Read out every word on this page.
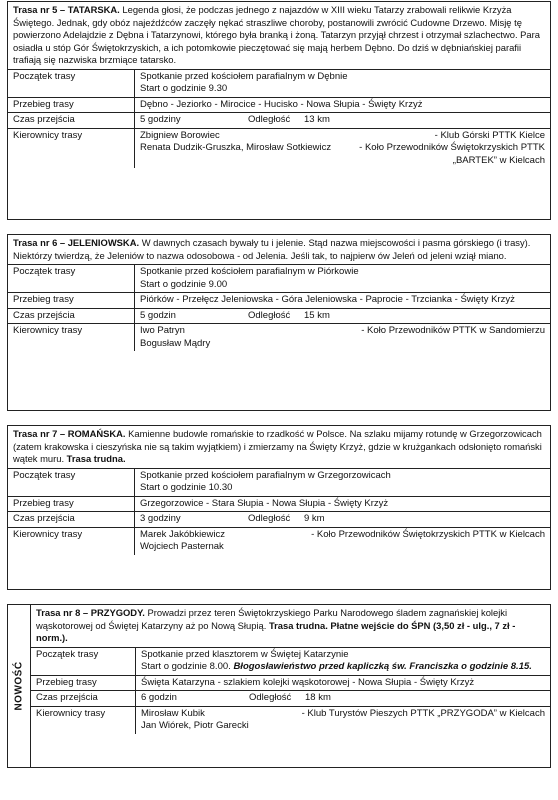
Trasa nr 5 – TATARSKA. Legenda głosi, że podczas jednego z najazdów w XIII wieku Tatarzy zrabowali relikwie Krzyża Świętego. Jednak, gdy obóz najeźdźców zaczęły nękać straszliwe choroby, postanowili zwrócić Cudowne Drzewo. Misję tę powierzono Adelajdzie z Dębna i Tatarzynowi, którego była branką i żoną. Tatarzyn przyjął chrzest i otrzymał szlachectwo. Para osiadła u stóp Gór Świętokrzyskich, a ich potomkowie pieczętować się mają herbem Dębno. Do dziś w dębniańskiej parafii trafiają się nazwiska brzmiące tatarsko.
Początek trasy	Spotkanie przed kościołem parafialnym w Dębnie
Start o godzinie 9.30
Przebieg trasy	Dębno - Jeziorko - Mirocice - Hucisko - Nowa Słupia - Święty Krzyż
Czas przejścia	5 godziny	Odległość	13 km
Kierownicy trasy	Zbigniew Borowiec	- Klub Górski PTTK Kielce
Renata Dudzik-Gruszka, Mirosław Sotkiewicz	- Koło Przewodników Świętokrzyskich PTTK
„BARTEK” w Kielcach
Trasa nr 6 – JELENIOWSKA. W dawnych czasach bywały tu i jelenie. Stąd nazwa miejscowości i pasma górskiego (i trasy). Niektórzy twierdzą, że Jeleniów to nazwa odosobowa - od Jelenia. Jeśli tak, to najpierw ów Jeleń od jeleni wziął miano.
Początek trasy	Spotkanie przed kościołem parafialnym w Piórkowie
Start o godzinie 9.00
Przebieg trasy	Piórków - Przełęcz Jeleniowska - Góra Jeleniowska - Paprocie - Trzcianka - Święty Krzyż
Czas przejścia	5 godzin	Odległość	15 km
Kierownicy trasy	Iwo Patryn	- Koło Przewodników PTTK w Sandomierzu
Bogusław Mądry
Trasa nr 7 – ROMAŃSKA. Kamienne budowle romańskie to rzadkość w Polsce. Na szlaku mijamy rotundę w Grzegorzowicach (zatem krakowska i cieszyńska nie są takim wyjątkiem) i zmierzamy na Święty Krzyż, gdzie w krużgankach odsłonięto romański wątek muru. Trasa trudna.
Początek trasy	Spotkanie przed kościołem parafialnym w Grzegorzowicach
Start o godzinie 10.30
Przebieg trasy	Grzegorzowice - Stara Słupia - Nowa Słupia - Święty Krzyż
Czas przejścia	3 godziny	Odległość	9 km
Kierownicy trasy	Marek Jakóbkiewicz	- Koło Przewodników Świętokrzyskich PTTK w Kielcach
Wojciech Pasternak
NOWOŚĆ
Trasa nr 8 – PRZYGODY. Prowadzi przez teren Świętokrzyskiego Parku Narodowego śladem zagnańskiej kolejki wąskotorowej od Świętej Katarzyny aż po Nową Słupią. Trasa trudna. Płatne wejście do ŚPN (3,50 zł - ulg., 7 zł - norm.).
Początek trasy	Spotkanie przed klasztorem w Świętej Katarzynie
Start o godzinie 8.00. Błogosławieństwo przed kapliczką św. Franciszka o godzinie 8.15.
Przebieg trasy	Święta Katarzyna - szlakiem kolejki wąskotorowej - Nowa Słupia - Święty Krzyż
Czas przejścia	6 godzin	Odległość	18 km
Kierownicy trasy	Mirosław Kubik	- Klub Turystów Pieszych PTTK „PRZYGODA” w Kielcach
Jan Wiórek, Piotr Garecki
